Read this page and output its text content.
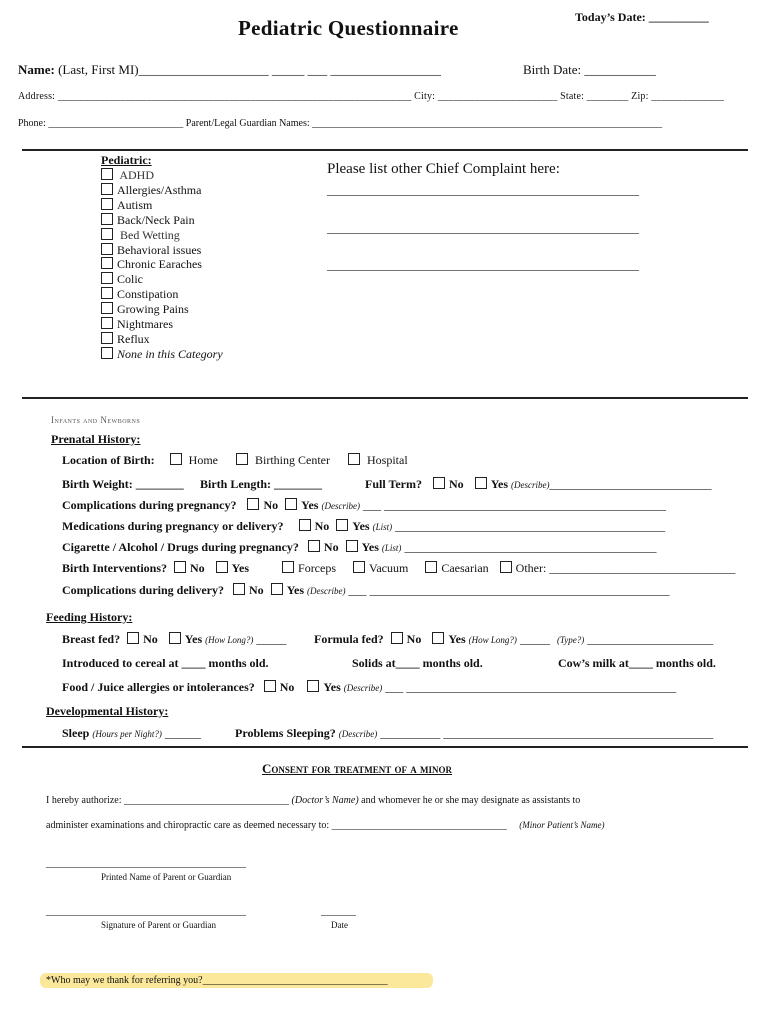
Pediatric Questionnaire	Today’s Date: __________
Name: (Last, First MI)____________________ _____ ___ _________________	Birth Date: ___________
Address: ____________________________________________________________________ City: _______________________ State: ________ Zip: ______________
Phone: ___________________________ Parent/Legal Guardian Names: ______________________________________________________________________
Pediatric:
ADHD
Allergies/Asthma
Autism
Back/Neck Pain
Bed Wetting
Behavioral issues
Chronic Earaches
Colic
Constipation
Growing Pains
Nightmares
Reflux
None in this Category
Please list other Chief Complaint here:
____________________________________________________
____________________________________________________
____________________________________________________
Infants and Newborns
Prenatal History:
Location of Birth:	Home	Birthing Center	Hospital
Birth Weight: ________ Birth Length: ________	Full Term? No Yes (Describe)___________________________
Complications during pregnancy? No Yes (Describe) ___ _______________________________________________
Medications during pregnancy or delivery?	No Yes (List) _____________________________________________
Cigarette / Alcohol / Drugs during pregnancy? No Yes (List) __________________________________________
Birth Interventions? No Yes	Forceps	Vacuum	Caesarian Other: _______________________________
Complications during delivery? No Yes (Describe) ___ __________________________________________________
Feeding History:
Breast fed? No Yes (How Long?) _____ Formula fed? No Yes (How Long?) _____ (Type?) _____________________
Introduced to cereal at ____ months old.	Solids at____ months old.	Cow’s milk at____ months old.
Food / Juice allergies or intolerances? No Yes (Describe) ___ _____________________________________________
Developmental History:
Sleep (Hours per Night?) ______	Problems Sleeping? (Describe) __________ _____________________________________________
Consent for treatment of a minor
I hereby authorize: _________________________________ (Doctor’s Name) and whomever he or she may designate as assistants to
administer examinations and chiropractic care as deemed necessary to: ___________________________________ (Minor Patient’s Name)
________________________________________
Printed Name of Parent or Guardian
________________________________________
Signature of Parent or Guardian
_______
Date
*Who may we thank for referring you?_____________________________________
